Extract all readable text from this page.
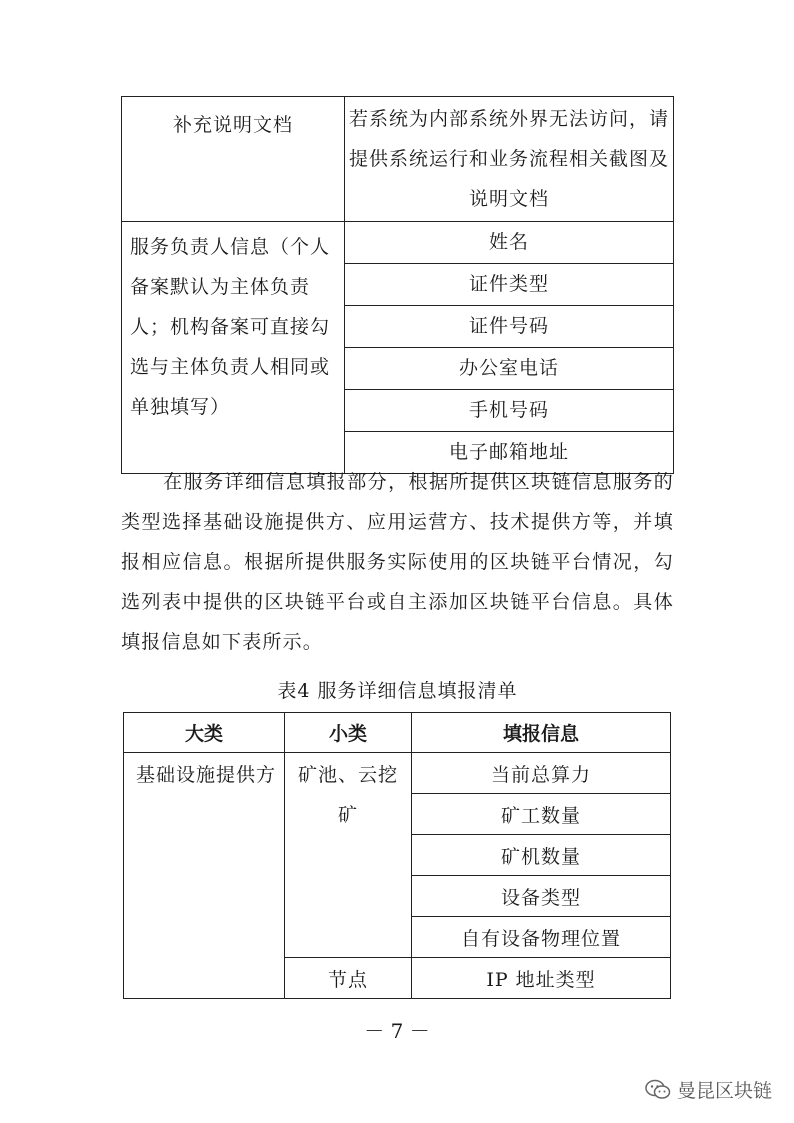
补充说明文档	若系统为内部系统外界无法访问，请提供系统运行和业务流程相关截图及说明文档
服务负责人信息（个人备案默认为主体负责人；机构备案可直接勾选与主体负责人相同或单独填写）	姓名
	证件类型
	证件号码
	办公室电话
	手机号码
	电子邮箱地址
在服务详细信息填报部分，根据所提供区块链信息服务的类型选择基础设施提供方、应用运营方、技术提供方等，并填报相应信息。根据所提供服务实际使用的区块链平台情况，勾选列表中提供的区块链平台或自主添加区块链平台信息。具体填报信息如下表所示。
表4 服务详细信息填报清单
大类	小类	填报信息
基础设施提供方	矿池、云挖矿	当前总算力
		矿工数量
		矿机数量
		设备类型
		自有设备物理位置
	节点	IP 地址类型
－ 7 －
曼昆区块链
